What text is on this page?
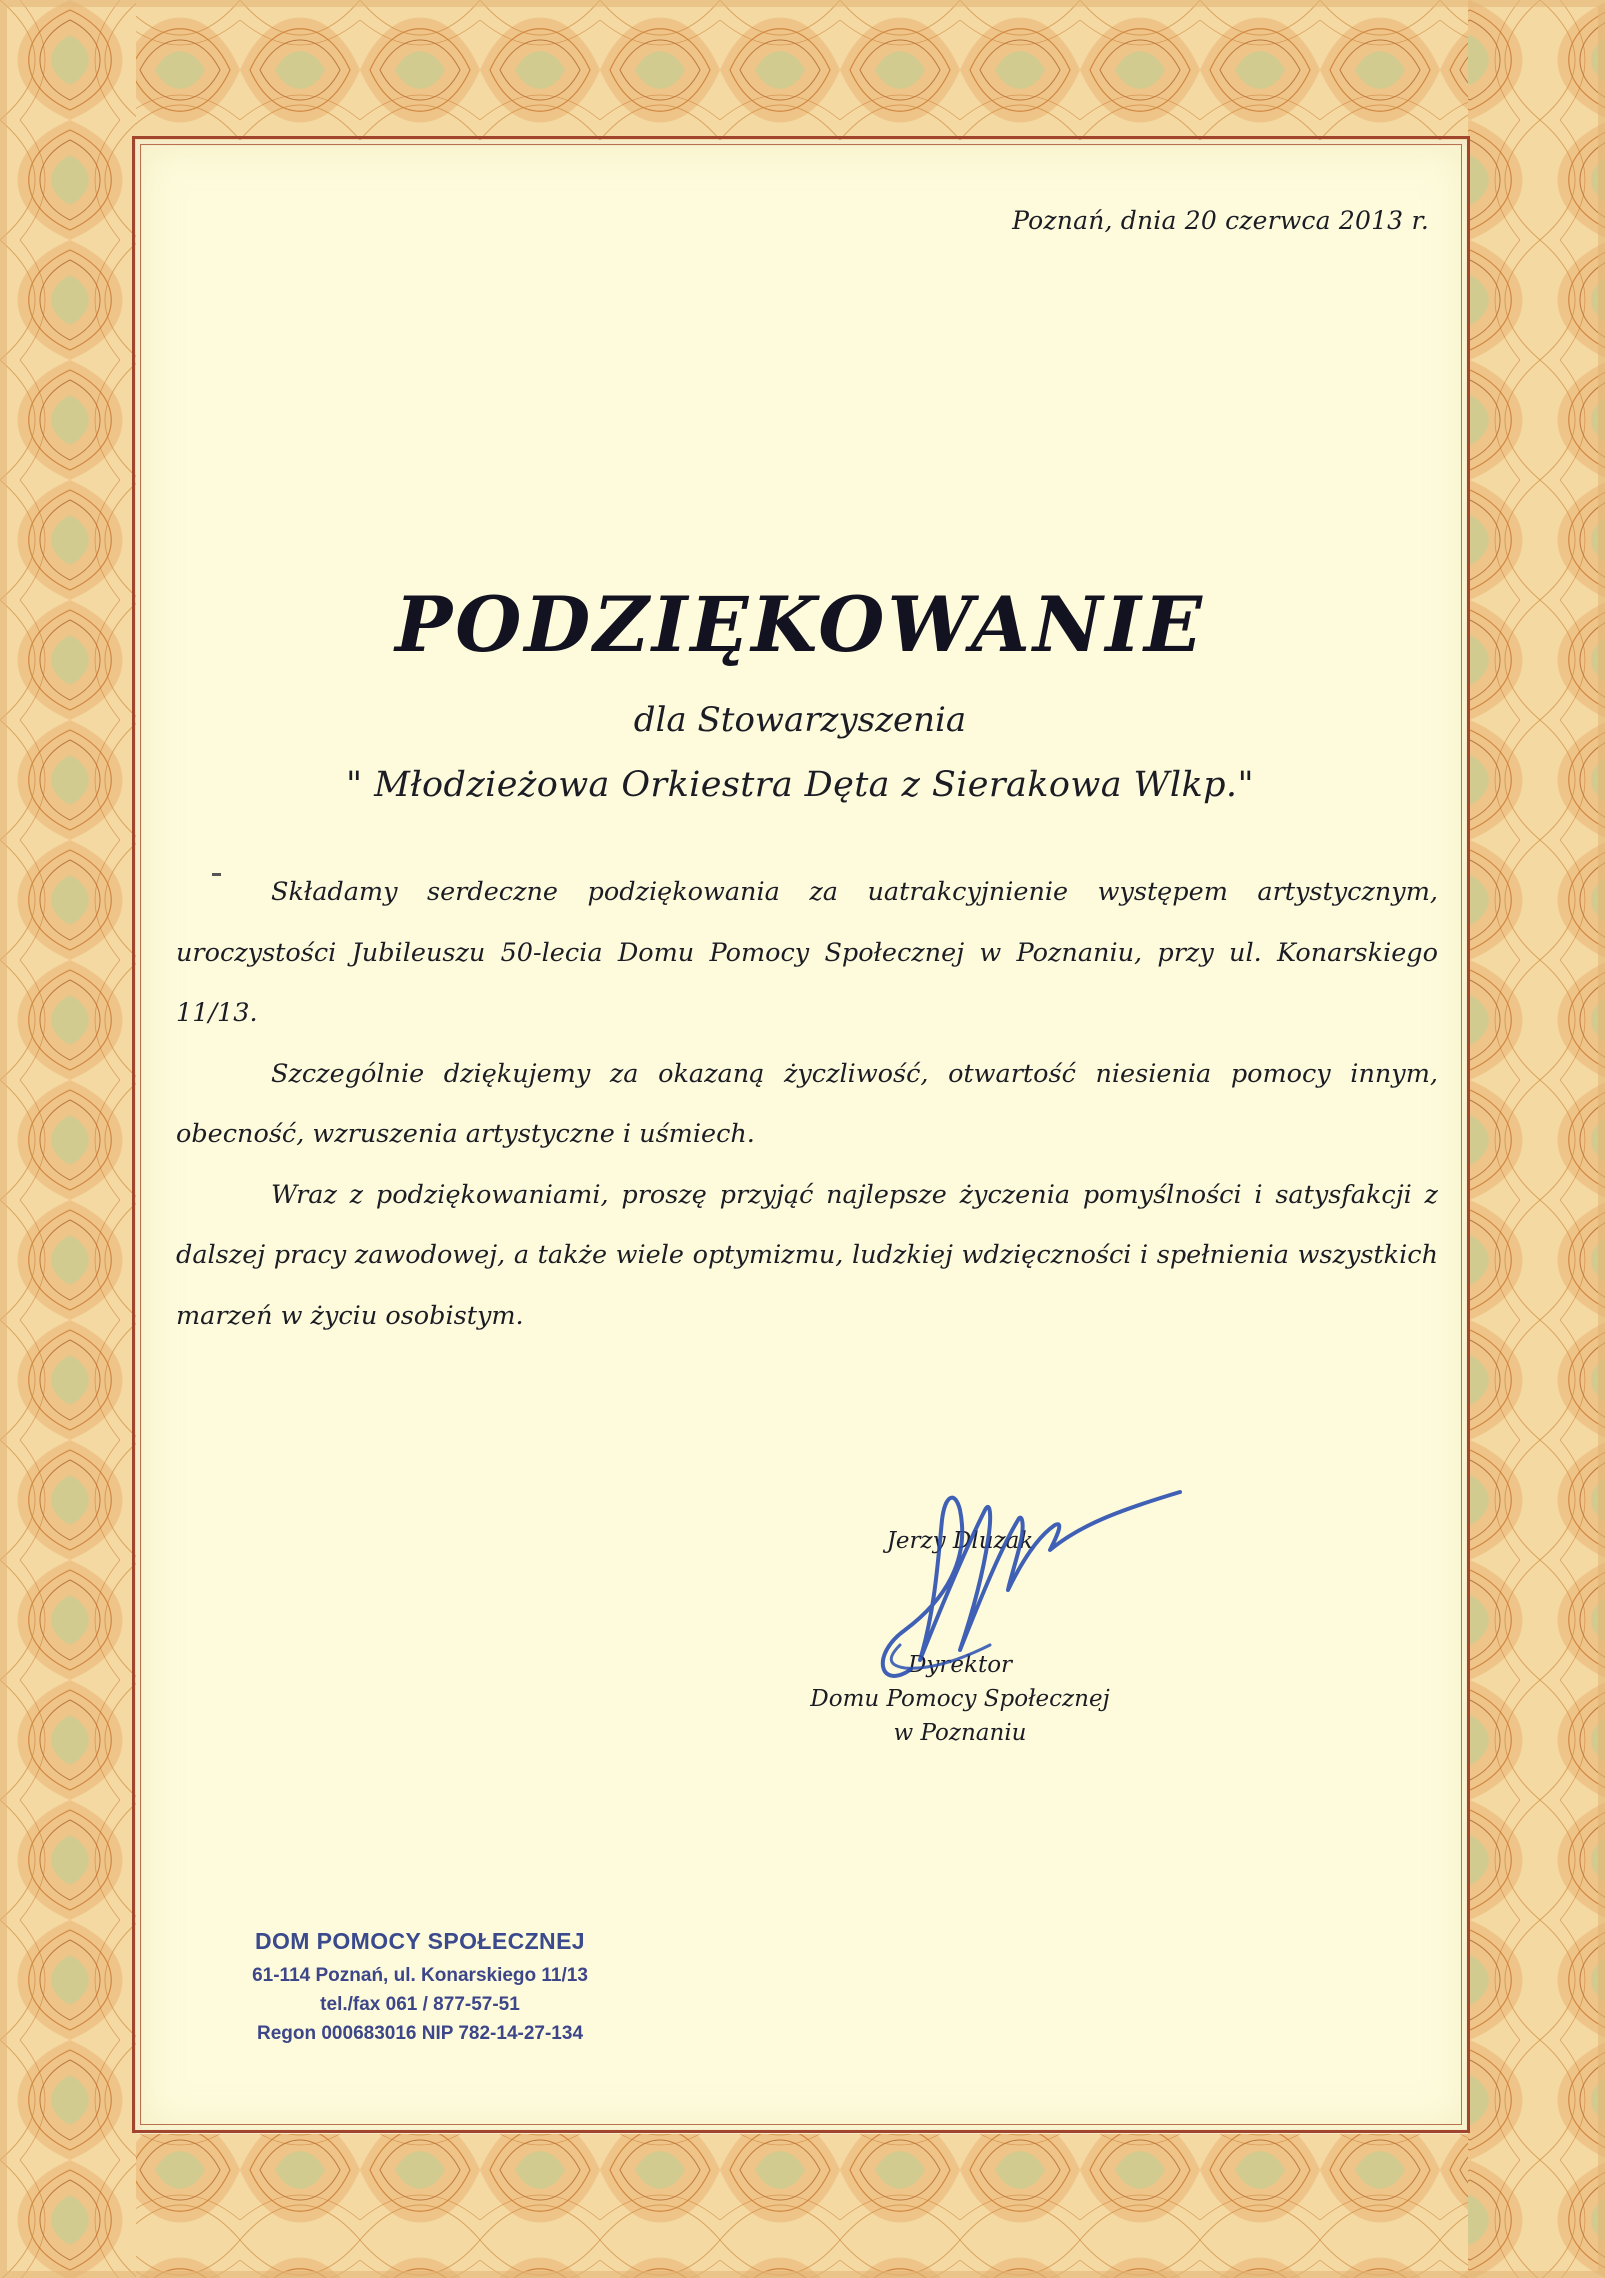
Poznań, dnia 20 czerwca 2013 r.
PODZIĘKOWANIE
dla Stowarzyszenia
" Młodzieżowa Orkiestra Dęta z Sierakowa Wlkp."

Składamy serdeczne podziękowania za uatrakcyjnienie występem artystycznym, uroczystości Jubileuszu 50-lecia Domu Pomocy Społecznej w Poznaniu, przy ul. Konarskiego 11/13.

Szczególnie dziękujemy za okazaną życzliwość, otwartość niesienia pomocy innym, obecność, wzruszenia artystyczne i uśmiech.

Wraz z podziękowaniami, proszę przyjąć najlepsze życzenia pomyślności i satysfakcji z dalszej pracy zawodowej, a także wiele optymizmu, ludzkiej wdzięczności i spełnienia wszystkich marzeń w życiu osobistym.

Jerzy Dluzak
Dyrektor
Domu Pomocy Społecznej
w Poznaniu
DOM POMOCY SPOŁECZNEJ
61-114 Poznań, ul. Konarskiego 11/13
tel./fax 061 / 877-57-51
Regon 000683016 NIP 782-14-27-134
